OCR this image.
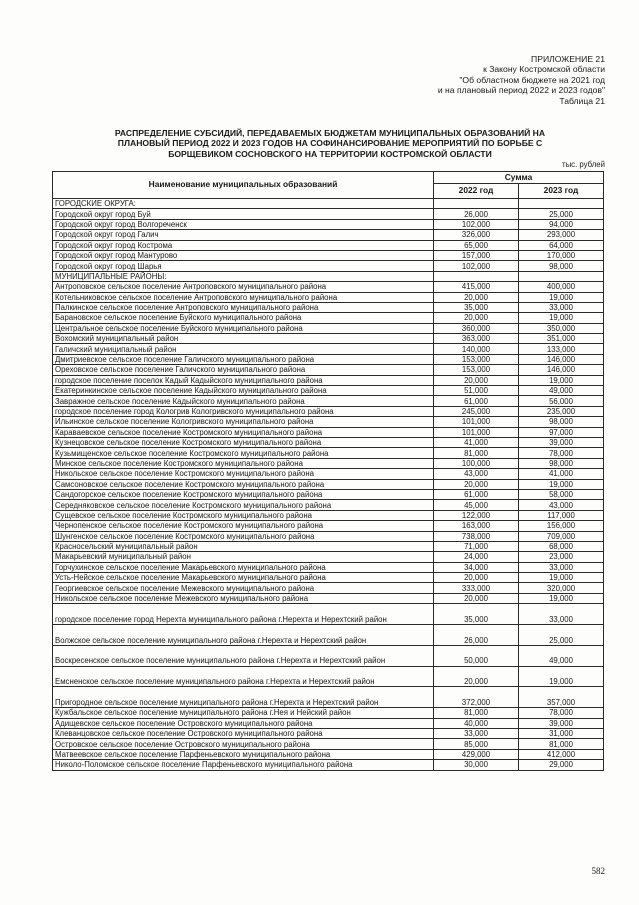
ПРИЛОЖЕНИЕ 21
к Закону Костромской области
"Об областном бюджете на 2021 год
и на плановый период 2022 и 2023 годов"
Таблица 21
РАСПРЕДЕЛЕНИЕ СУБСИДИЙ, ПЕРЕДАВАЕМЫХ БЮДЖЕТАМ МУНИЦИПАЛЬНЫХ ОБРАЗОВАНИЙ НА
ПЛАНОВЫЙ ПЕРИОД 2022 И 2023 ГОДОВ НА СОФИНАНСИРОВАНИЕ МЕРОПРИЯТИЙ ПО БОРЬБЕ С
БОРЩЕВИКОМ СОСНОВСКОГО НА ТЕРРИТОРИИ КОСТРОМСКОЙ ОБЛАСТИ
тыс. рублей
Наименование муниципальных образований	Сумма	
	2022 год	2023 год
ГОРОДСКИЕ ОКРУГА:		
Городской округ город Буй	26,000	25,000
Городской округ город Волгореченск	102,000	94,000
Городской округ город Галич	326,000	293,000
Городской округ город Кострома	65,000	64,000
Городской округ город Мантурово	157,000	170,000
Городской округ город Шарья	102,000	98,000
МУНИЦИПАЛЬНЫЕ РАЙОНЫ:		
Антроповское сельское поселение Антроповского муниципального района	415,000	400,000
Котельниковское сельское поселение Антроповского муниципального района	20,000	19,000
Палкинское сельское поселение Антроповского муниципального района	35,000	33,000
Барановское сельское поселение Буйского муниципального района	20,000	19,000
Центральное сельское поселение Буйского муниципального района	360,000	350,000
Вохомский муниципальный район	363,000	351,000
Галичский муниципальный район	140,000	133,000
Дмитриевское сельское поселение Галичского муниципального района	153,000	146,000
Ореховское сельское поселение Галичского муниципального района	153,000	146,000
городское поселение поселок Кадый Кадыйского муниципального района	20,000	19,000
Екатеринкинское сельское поселение Кадыйского муниципального района	51,000	49,000
Завражное сельское поселение Кадыйского муниципального района	61,000	56,000
городское поселение город Кологрив Кологривского муниципального района	245,000	235,000
Ильинское сельское поселение Кологривского муниципального района	101,000	98,000
Караваевское сельское поселение Костромского муниципального района	101,000	97,000
Кузнецовское сельское поселение Костромского муниципального района	41,000	39,000
Кузьмищенское сельское поселение Костромского муниципального района	81,000	78,000
Минское сельское поселение Костромского муниципального района	100,000	98,000
Никольское сельское поселение Костромского муниципального района	43,000	41,000
Самсоновское сельское поселение Костромского муниципального района	20,000	19,000
Сандогорское сельское поселение Костромского муниципального района	61,000	58,000
Середняковское сельское поселение Костромского муниципального района	45,000	43,000
Сущевское сельское поселение Костромского муниципального района	122,000	117,000
Чернопенское сельское поселение Костромского муниципального района	163,000	156,000
Шунгенское сельское поселение Костромского муниципального района	738,000	709,000
Красносельский муниципальный район	71,000	68,000
Макарьевский муниципальный район	24,000	23,000
Горчухинское сельское поселение Макарьевского муниципального района	34,000	33,000
Усть-Нейское сельское поселение Макарьевского муниципального района	20,000	19,000
Георгиевское сельское поселение Межевского муниципального района	333,000	320,000
Никольское сельское поселение Межевского муниципального района	20,000	19,000
городское поселение город Нерехта муниципального района г.Нерехта и Нерехтский район	35,000	33,000
Волжское сельское поселение муниципального района г.Нерехта и Нерехтский район	26,000	25,000
Воскресенское сельское поселение муниципального района г.Нерехта и Нерехтский район	50,000	49,000
Емсненское сельское поселение муниципального района г.Нерехта и Нерехтский район	20,000	19,000
Пригородное сельское поселение муниципального района г.Нерехта и Нерехтский район	372,000	357,000
Кужбальское сельское поселение муниципального района г.Нея и Нейский район	81,000	78,000
Адищевское сельское поселение Островского муниципального района	40,000	39,000
Клеванцовское сельское поселение Островского муниципального района	33,000	31,000
Островское сельское поселение Островского муниципального района	85,000	81,000
Матвеевское сельское поселение Парфеньевского муниципального района	429,000	412,000
Николо-Поломское сельское поселение Парфеньевского муниципального района	30,000	29,000
582
